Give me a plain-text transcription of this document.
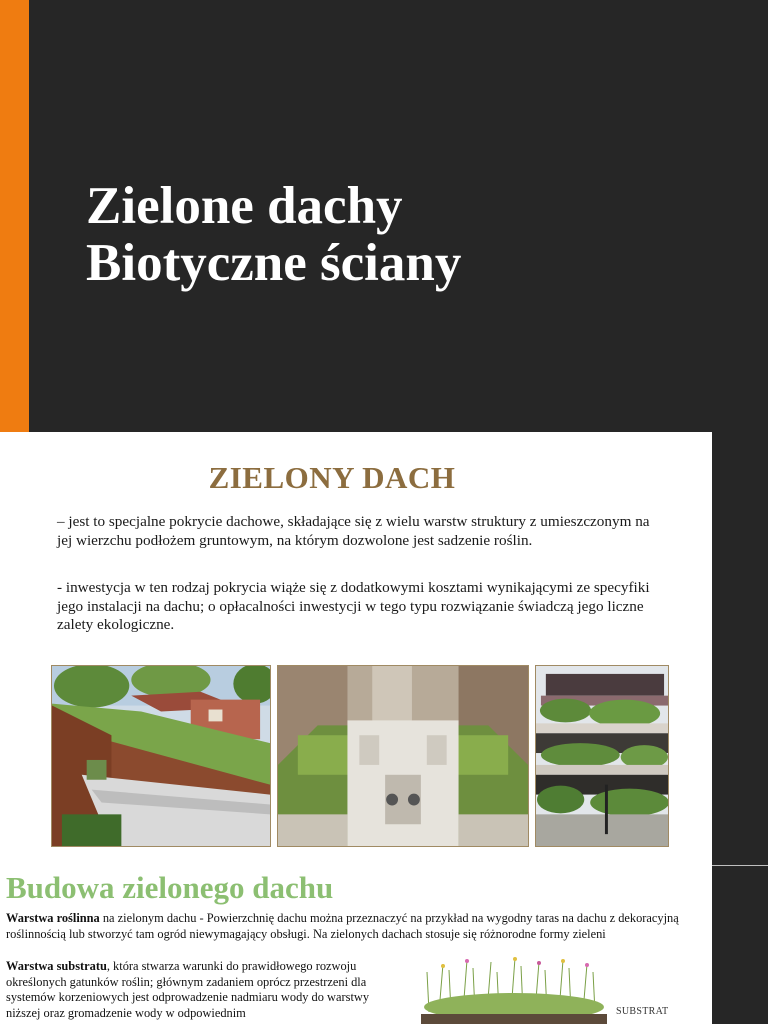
Zielone dachy
Biotyczne ściany
ZIELONY DACH

– jest to specjalne pokrycie dachowe, składające się z wielu warstw struktury z umieszczonym na jej wierzchu podłożem gruntowym, na którym dozwolone jest sadzenie roślin.

- inwestycja w ten rodzaj pokrycia wiąże się z dodatkowymi kosztami wynikającymi ze specyfiki jego instalacji na dachu; o opłacalności inwestycji w tego typu rozwiązanie świadczą jego liczne zalety ekologiczne.

Budowa zielonego dachu

Warstwa roślinna na zielonym dachu - Powierzchnię dachu można przeznaczyć na przykład na wygodny taras na dachu z dekoracyjną roślinnością lub stworzyć tam ogród niewymagający obsługi. Na zielonych dachach stosuje się różnorodne formy zieleni

Warstwa substratu, która stwarza warunki do prawidłowego rozwoju określonych gatunków roślin; głównym zadaniem oprócz przestrzeni dla systemów korzeniowych jest odprowadzenie nadmiaru wody do warstwy niższej oraz gromadzenie wody w odpowiednim	SUBSTRAT
